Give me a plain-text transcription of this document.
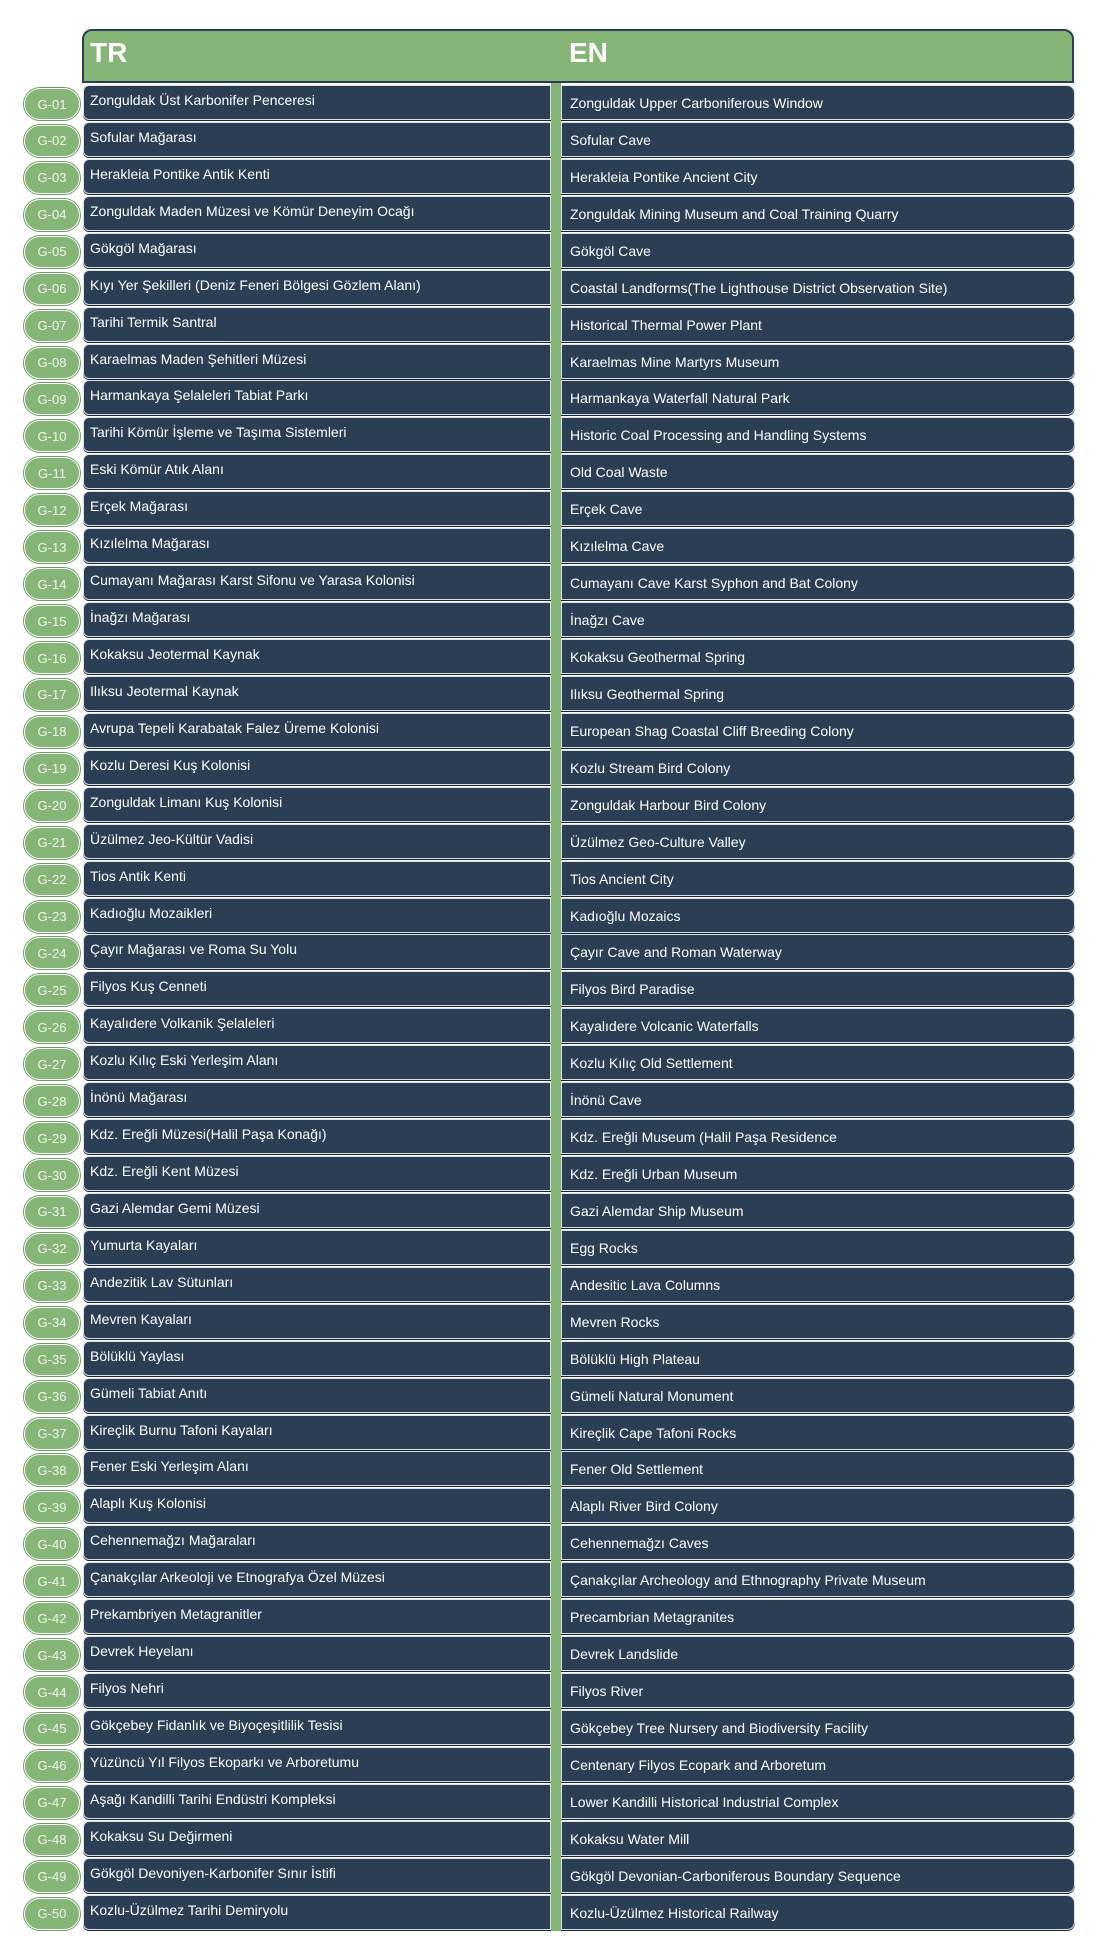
TR	EN
G-01	Zonguldak Üst Karbonifer Penceresi	Zonguldak Upper Carboniferous Window
G-02	Sofular Mağarası	Sofular Cave
G-03	Herakleia Pontike Antik Kenti	Herakleia Pontike Ancient City
G-04	Zonguldak Maden Müzesi ve Kömür Deneyim Ocağı	Zonguldak Mining Museum and Coal Training Quarry
G-05	Gökgöl Mağarası	Gökgöl Cave
G-06	Kıyı Yer Şekilleri (Deniz Feneri Bölgesi Gözlem Alanı)	Coastal Landforms(The Lighthouse District Observation Site)
G-07	Tarihi Termik Santral	Historical Thermal Power Plant
G-08	Karaelmas Maden Şehitleri Müzesi	Karaelmas Mine Martyrs Museum
G-09	Harmankaya Şelaleleri Tabiat Parkı	Harmankaya Waterfall Natural Park
G-10	Tarihi Kömür İşleme ve Taşıma Sistemleri	Historic Coal Processing and Handling Systems
G-11	Eski Kömür Atık Alanı	Old Coal Waste
G-12	Erçek Mağarası	Erçek Cave
G-13	Kızılelma Mağarası	Kızılelma Cave
G-14	Cumayanı Mağarası Karst Sifonu ve Yarasa Kolonisi	Cumayanı Cave Karst Syphon and Bat Colony
G-15	İnağzı Mağarası	İnağzı Cave
G-16	Kokaksu Jeotermal Kaynak	Kokaksu Geothermal Spring
G-17	Ilıksu Jeotermal Kaynak	Ilıksu Geothermal Spring
G-18	Avrupa Tepeli Karabatak Falez Üreme Kolonisi	European Shag Coastal Cliff Breeding Colony
G-19	Kozlu Deresi Kuş Kolonisi	Kozlu Stream Bird Colony
G-20	Zonguldak Limanı Kuş Kolonisi	Zonguldak Harbour Bird Colony
G-21	Üzülmez Jeo-Kültür Vadisi	Üzülmez Geo-Culture Valley
G-22	Tios Antik Kenti	Tios Ancient City
G-23	Kadıoğlu Mozaikleri	Kadıoğlu Mozaics
G-24	Çayır Mağarası ve Roma Su Yolu	Çayır Cave and Roman Waterway
G-25	Filyos Kuş Cenneti	Filyos Bird Paradise
G-26	Kayalıdere Volkanik Şelaleleri	Kayalıdere Volcanic Waterfalls
G-27	Kozlu Kılıç Eski Yerleşim Alanı	Kozlu Kılıç Old Settlement
G-28	İnönü Mağarası	İnönü Cave
G-29	Kdz. Ereğli Müzesi(Halil Paşa Konağı)	Kdz. Ereğli Museum (Halil Paşa Residence
G-30	Kdz. Ereğli Kent Müzesi	Kdz. Ereğli Urban Museum
G-31	Gazi Alemdar Gemi Müzesi	Gazi Alemdar Ship Museum
G-32	Yumurta Kayaları	Egg Rocks
G-33	Andezitik Lav Sütunları	Andesitic Lava Columns
G-34	Mevren Kayaları	Mevren Rocks
G-35	Bölüklü Yaylası	Bölüklü High Plateau
G-36	Gümeli Tabiat Anıtı	Gümeli Natural Monument
G-37	Kireçlik Burnu Tafoni Kayaları	Kireçlik Cape Tafoni Rocks
G-38	Fener Eski Yerleşim Alanı	Fener Old Settlement
G-39	Alaplı Kuş Kolonisi	Alaplı River Bird Colony
G-40	Cehennemağzı Mağaraları	Cehennemağzı Caves
G-41	Çanakçılar Arkeoloji ve Etnografya Özel Müzesi	Çanakçılar Archeology and Ethnography Private Museum
G-42	Prekambriyen Metagranitler	Precambrian Metagranites
G-43	Devrek Heyelanı	Devrek Landslide
G-44	Filyos Nehri	Filyos River
G-45	Gökçebey Fidanlık ve Biyoçeşitlilik Tesisi	Gökçebey Tree Nursery and Biodiversity Facility
G-46	Yüzüncü Yıl Filyos Ekoparkı ve Arboretumu	Centenary Filyos Ecopark and Arboretum
G-47	Aşağı Kandilli Tarihi Endüstri Kompleksi	Lower Kandilli Historical Industrial Complex
G-48	Kokaksu Su Değirmeni	Kokaksu Water Mill
G-49	Gökgöl Devoniyen-Karbonifer Sınır İstifi	Gökgöl Devonian-Carboniferous Boundary Sequence
G-50	Kozlu-Üzülmez Tarihi Demiryolu	Kozlu-Üzülmez Historical Railway
